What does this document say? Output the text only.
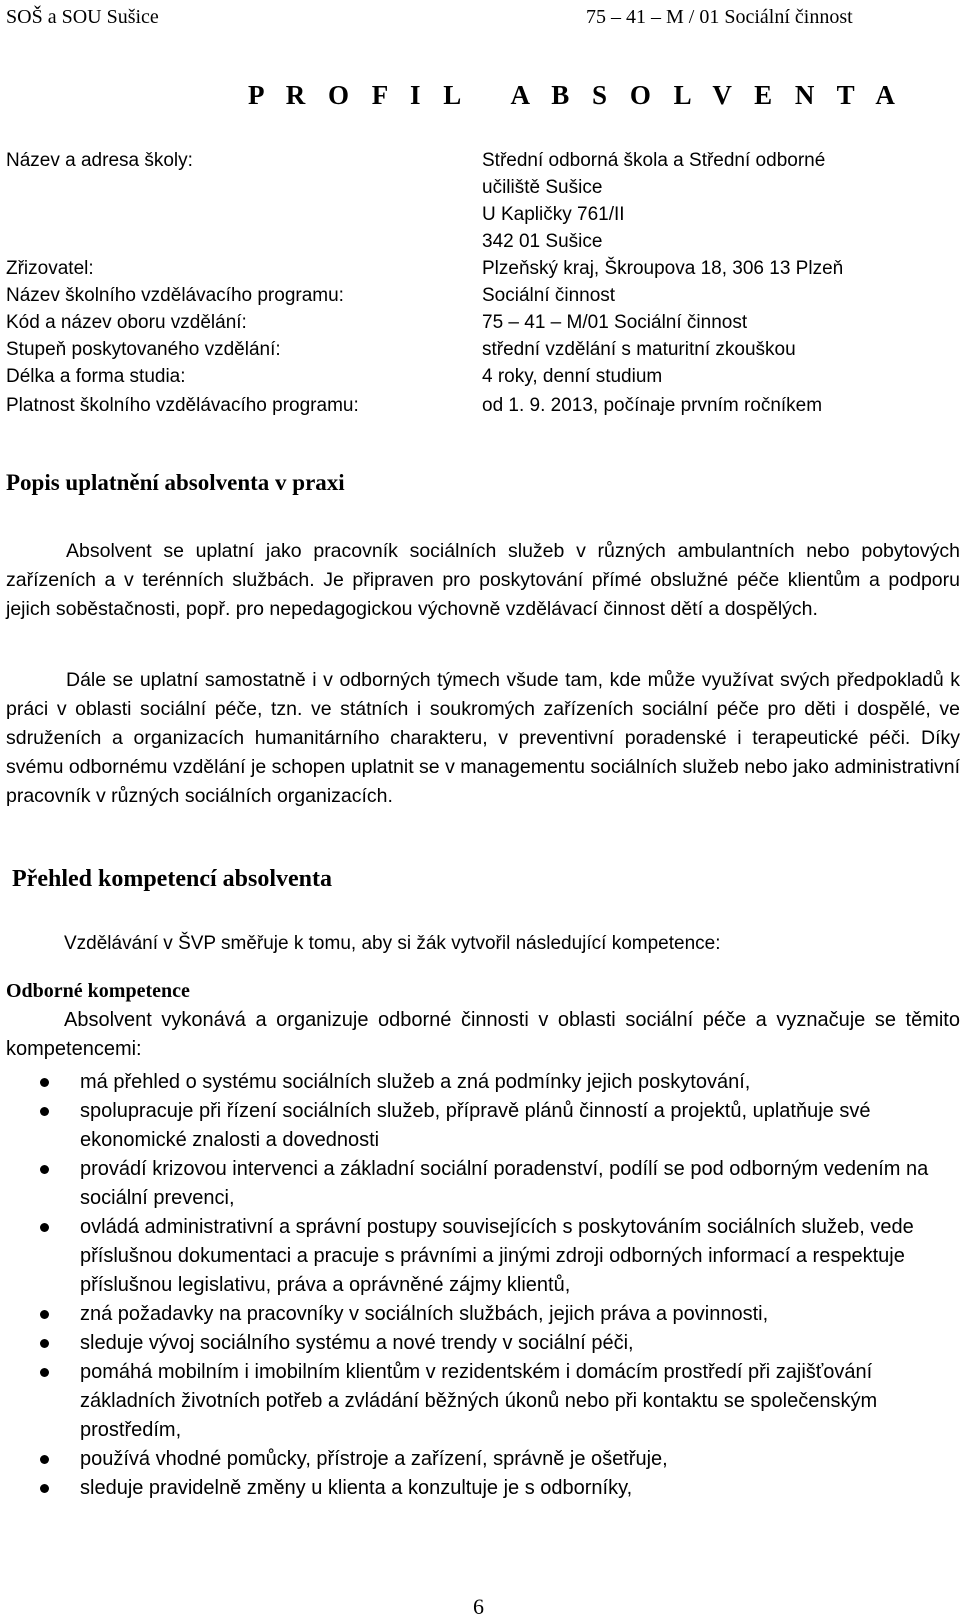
SOŠ a SOU Sušice	75 – 41 – M / 01 Sociální činnost
P R O F I L   A B S O L V E N T A
Název a adresa školy:	Střední odborná škola a Střední odborné
učiliště Sušice
U Kapličky 761/II
342 01 Sušice
Zřizovatel:	Plzeňský kraj, Škroupova 18, 306 13 Plzeň
Název školního vzdělávacího programu:	Sociální činnost
Kód a název oboru vzdělání:	75 – 41 – M/01 Sociální činnost
Stupeň poskytovaného vzdělání:	střední vzdělání s maturitní zkouškou
Délka a forma studia:	4 roky, denní studium
Platnost školního vzdělávacího programu:	od 1. 9. 2013, počínaje prvním ročníkem
Popis uplatnění absolventa v praxi

Absolvent se uplatní jako pracovník sociálních služeb v různých ambulantních nebo pobytových zařízeních a v terénních službách. Je připraven pro poskytování přímé obslužné péče klientům a podporu jejich soběstačnosti, popř. pro nepedagogickou výchovně vzdělávací činnost dětí a dospělých.

Dále se uplatní samostatně i v odborných týmech všude tam, kde může využívat svých předpokladů k práci v oblasti sociální péče, tzn. ve státních i soukromých zařízeních sociální péče pro děti i dospělé, ve sdruženích a organizacích humanitárního charakteru, v preventivní poradenské i terapeutické péči. Díky svému odbornému vzdělání je schopen uplatnit se v managementu sociálních služeb nebo jako administrativní pracovník v různých sociálních organizacích.

Přehled kompetencí absolventa
Vzdělávání v ŠVP směřuje k tomu, aby si žák vytvořil následující kompetence:
Odborné kompetence

Absolvent vykonává a organizuje odborné činnosti v oblasti sociální péče a vyznačuje se těmito kompetencemi:

má přehled o systému sociálních služeb a zná podmínky jejich poskytování,
spolupracuje při řízení sociálních služeb, přípravě plánů činností a projektů, uplatňuje své ekonomické znalosti a dovednosti
provádí krizovou intervenci a základní sociální poradenství, podílí se pod odborným vedením na sociální prevenci,
ovládá administrativní a správní postupy souvisejících s poskytováním sociálních služeb, vede příslušnou dokumentaci a pracuje s právními a jinými zdroji odborných informací a respektuje příslušnou legislativu, práva a oprávněné zájmy klientů,
zná požadavky na pracovníky v sociálních službách, jejich práva a povinnosti,
sleduje vývoj sociálního systému a nové trendy v sociální péči,
pomáhá mobilním i imobilním klientům v rezidentském i domácím prostředí při zajišťování základních životních potřeb a zvládání běžných úkonů nebo při kontaktu se společenským prostředím,
používá vhodné pomůcky, přístroje a zařízení, správně je ošetřuje,
sleduje pravidelně změny u klienta a konzultuje je s odborníky,
6
